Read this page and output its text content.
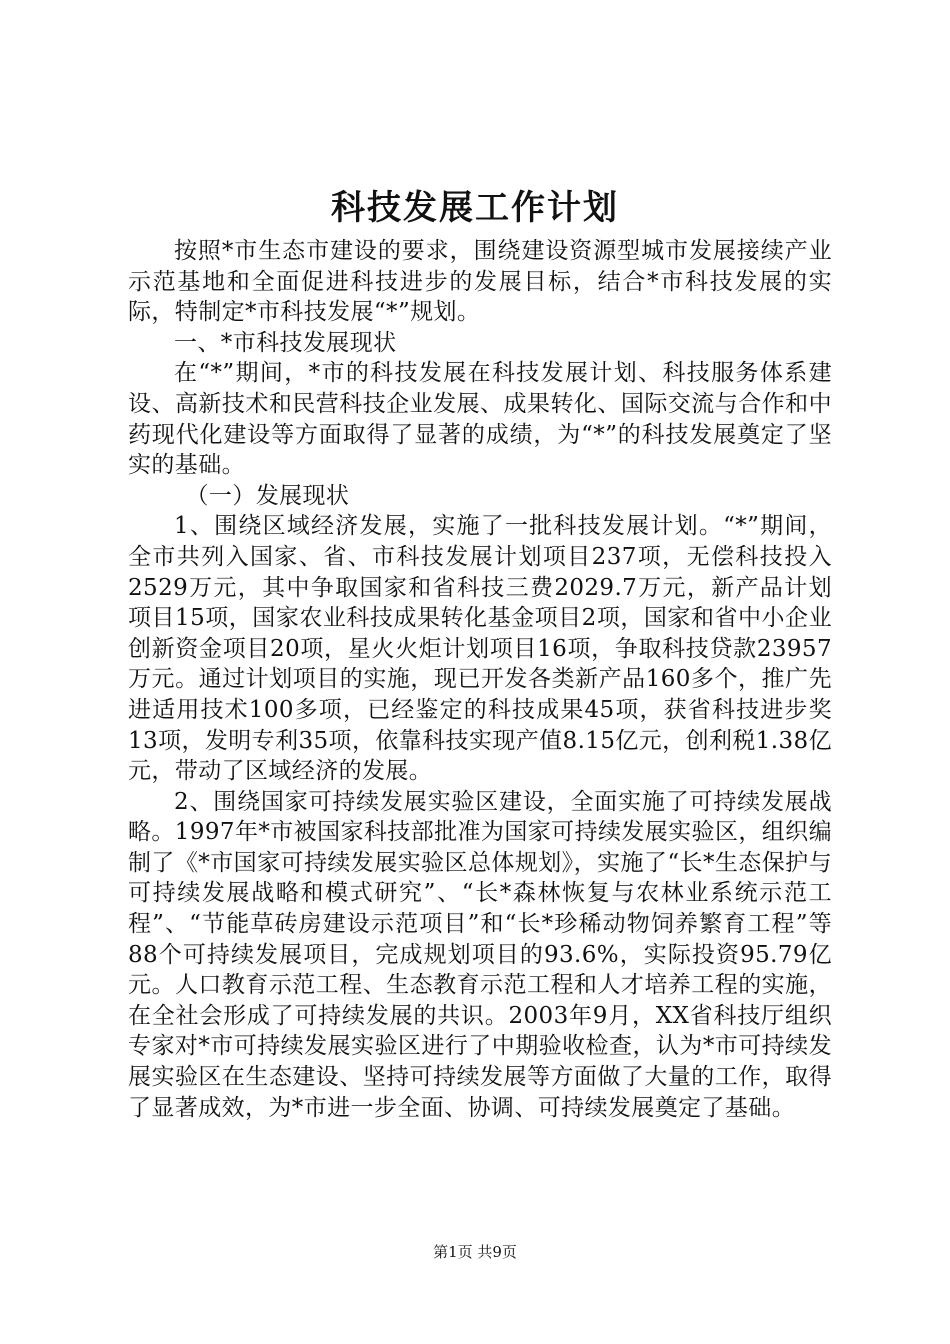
科技发展工作计划

按照*市生态市建设的要求，围绕建设资源型城市发展接续产业示范基地和全面促进科技进步的发展目标，结合*市科技发展的实际，特制定*市科技发展“*”规划。

一、*市科技发展现状

在“*”期间，*市的科技发展在科技发展计划、科技服务体系建设、高新技术和民营科技企业发展、成果转化、国际交流与合作和中药现代化建设等方面取得了显著的成绩，为“*”的科技发展奠定了坚实的基础。

（一）发展现状

1、围绕区域经济发展，实施了一批科技发展计划。“*”期间，全市共列入国家、省、市科技发展计划项目237项，无偿科技投入2529万元，其中争取国家和省科技三费2029.7万元，新产品计划项目15项，国家农业科技成果转化基金项目2项，国家和省中小企业创新资金项目20项，星火火炬计划项目16项，争取科技贷款23957万元。通过计划项目的实施，现已开发各类新产品160多个，推广先进适用技术100多项，已经鉴定的科技成果45项，获省科技进步奖13项，发明专利35项，依靠科技实现产值8.15亿元，创利税1.38亿元，带动了区域经济的发展。

2、围绕国家可持续发展实验区建设，全面实施了可持续发展战略。1997年*市被国家科技部批准为国家可持续发展实验区，组织编制了《*市国家可持续发展实验区总体规划》，实施了“长*生态保护与可持续发展战略和模式研究”、“长*森林恢复与农林业系统示范工程”、“节能草砖房建设示范项目”和“长*珍稀动物饲养繁育工程”等88个可持续发展项目，完成规划项目的93.6%，实际投资95.79亿元。人口教育示范工程、生态教育示范工程和人才培养工程的实施，在全社会形成了可持续发展的共识。2003年9月，XX省科技厅组织专家对*市可持续发展实验区进行了中期验收检查，认为*市可持续发展实验区在生态建设、坚持可持续发展等方面做了大量的工作，取得了显著成效，为*市进一步全面、协调、可持续发展奠定了基础。

第1页 共9页
